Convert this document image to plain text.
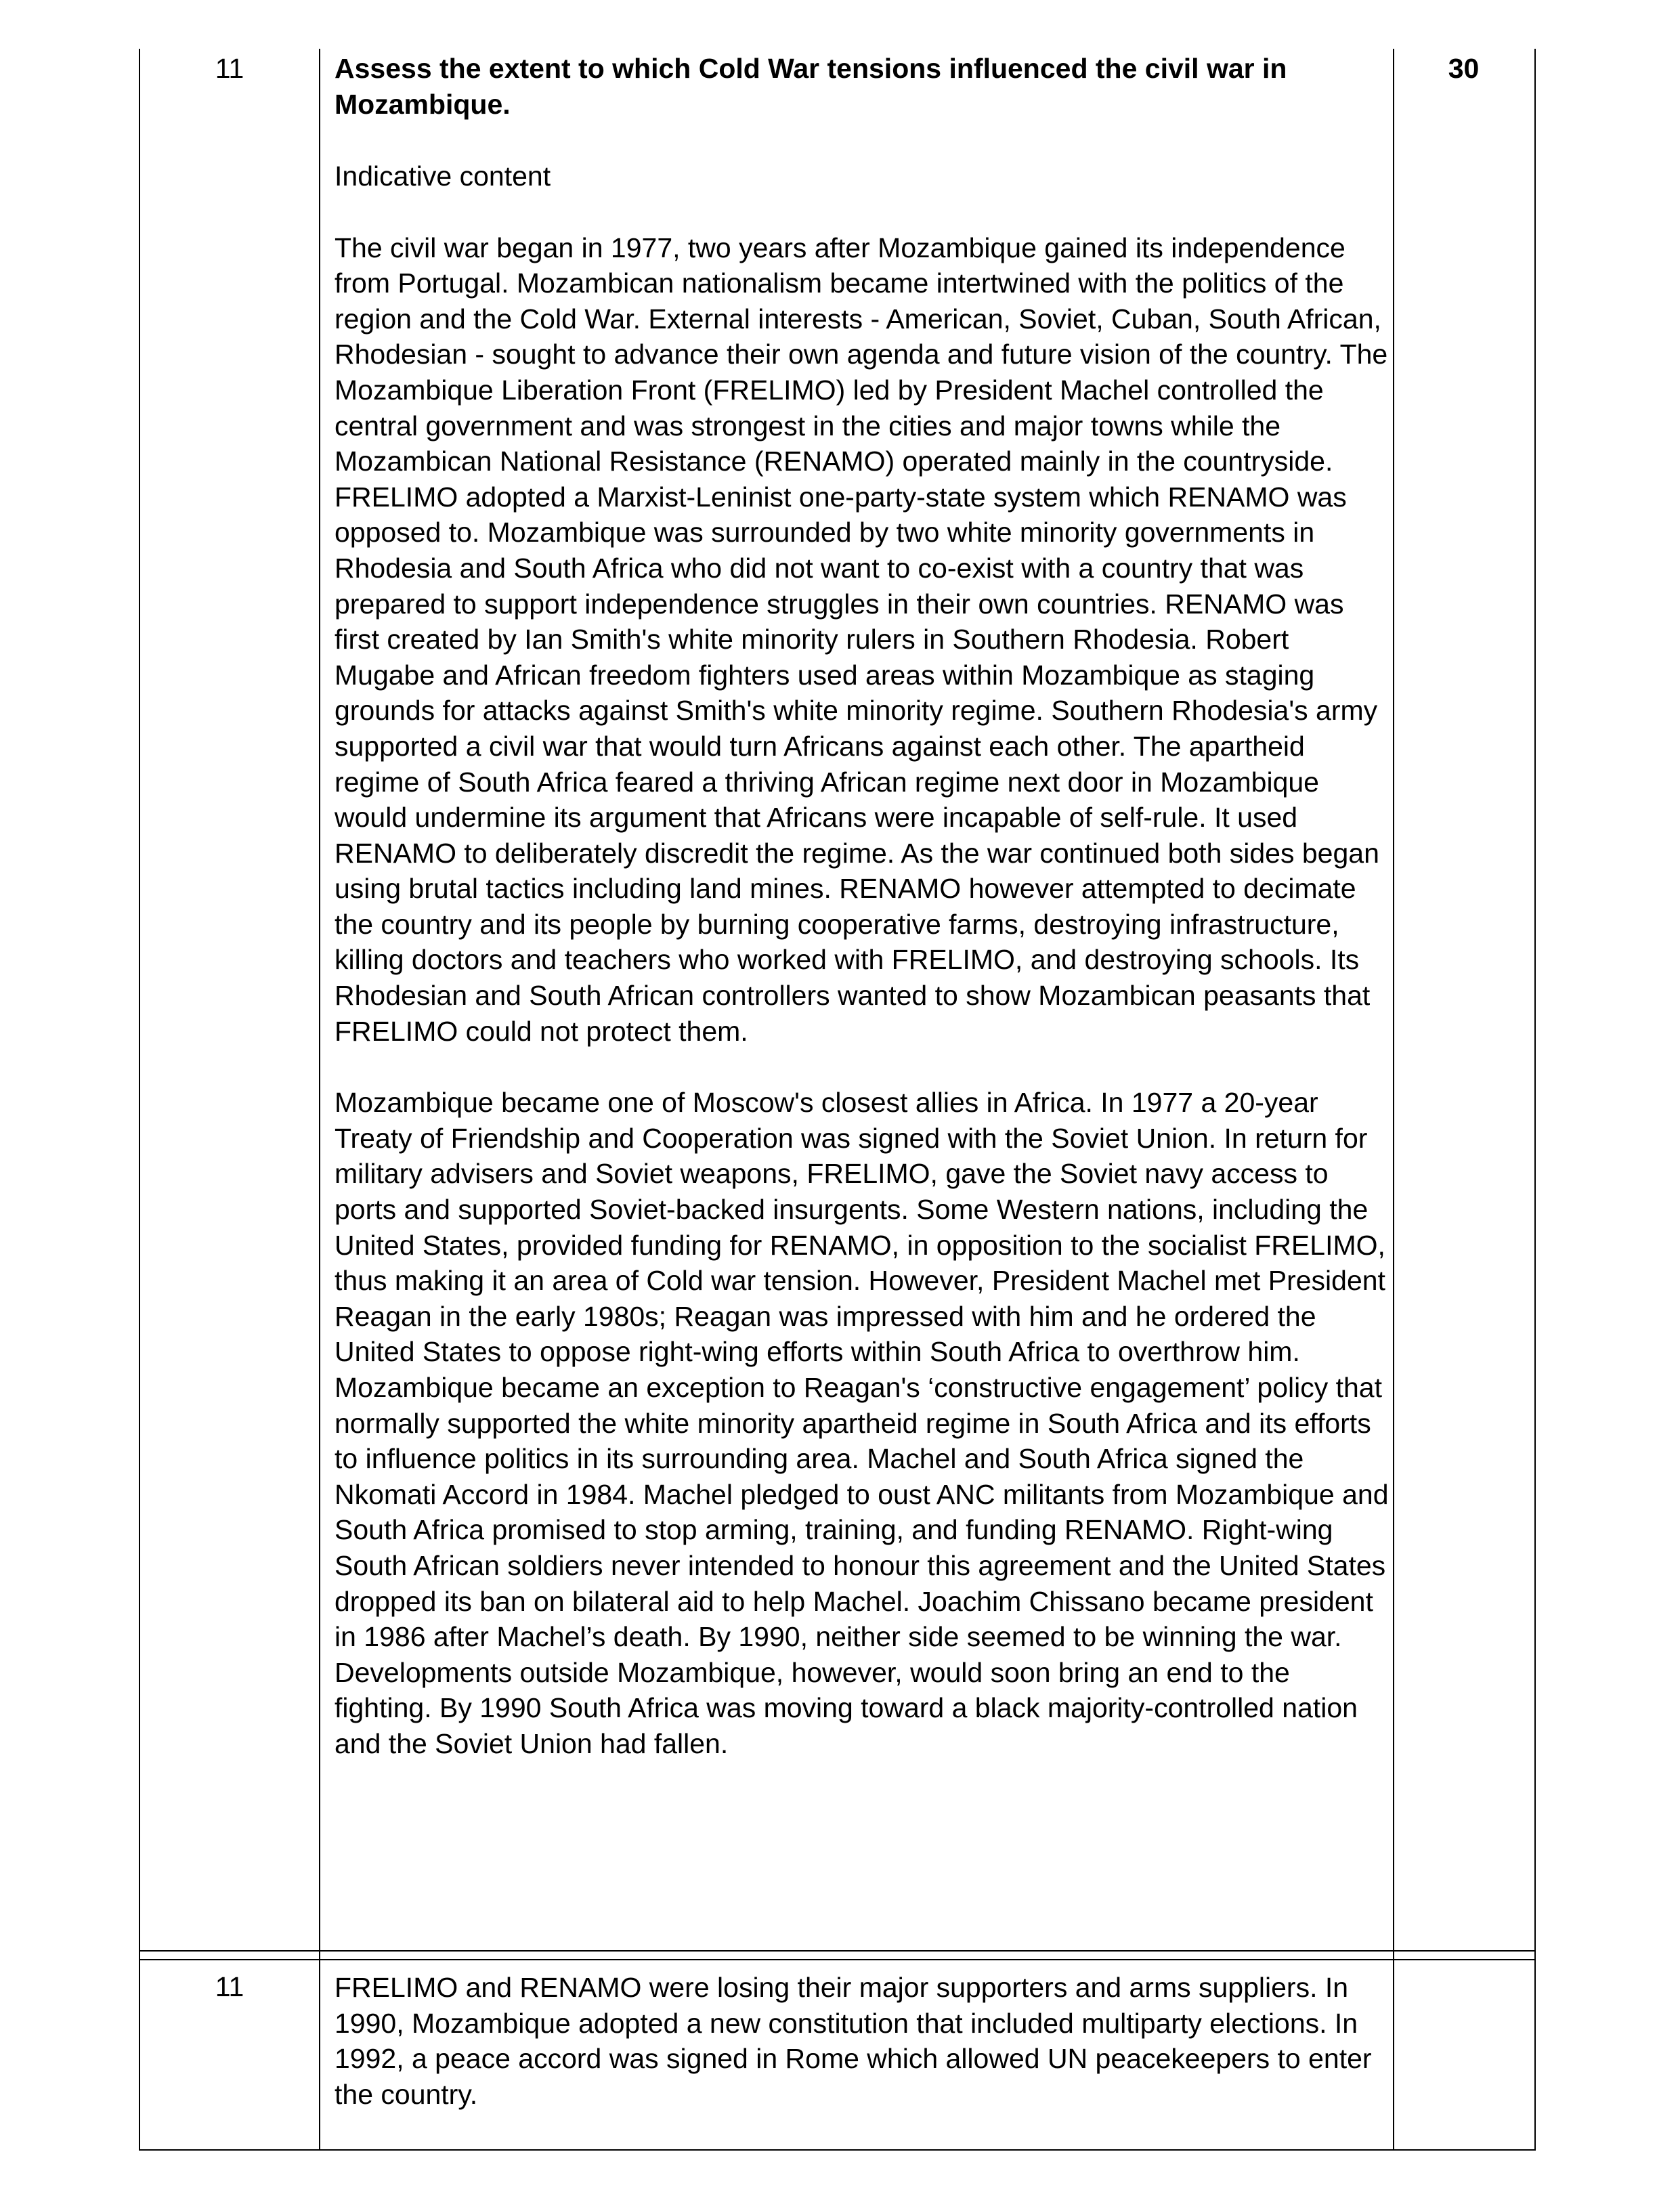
11	Assess the extent to which Cold War tensions influenced the civil war in Mozambique.

Indicative content

The civil war began in 1977, two years after Mozambique gained its independence from Portugal. Mozambican nationalism became intertwined with the politics of the region and the Cold War. External interests - American, Soviet, Cuban, South African, Rhodesian - sought to advance their own agenda and future vision of the country. The Mozambique Liberation Front (FRELIMO) led by President Machel controlled the central government and was strongest in the cities and major towns while the Mozambican National Resistance (RENAMO) operated mainly in the countryside. FRELIMO adopted a Marxist-Leninist one-party-state system which RENAMO was opposed to. Mozambique was surrounded by two white minority governments in Rhodesia and South Africa who did not want to co-exist with a country that was prepared to support independence struggles in their own countries. RENAMO was first created by Ian Smith's white minority rulers in Southern Rhodesia. Robert Mugabe and African freedom fighters used areas within Mozambique as staging grounds for attacks against Smith's white minority regime. Southern Rhodesia's army supported a civil war that would turn Africans against each other. The apartheid regime of South Africa feared a thriving African regime next door in Mozambique would undermine its argument that Africans were incapable of self-rule. It used RENAMO to deliberately discredit the regime. As the war continued both sides began using brutal tactics including land mines. RENAMO however attempted to decimate the country and its people by burning cooperative farms, destroying infrastructure, killing doctors and teachers who worked with FRELIMO, and destroying schools. Its Rhodesian and South African controllers wanted to show Mozambican peasants that FRELIMO could not protect them.

Mozambique became one of Moscow's closest allies in Africa. In 1977 a 20-year Treaty of Friendship and Cooperation was signed with the Soviet Union. In return for military advisers and Soviet weapons, FRELIMO, gave the Soviet navy access to ports and supported Soviet-backed insurgents. Some Western nations, including the United States, provided funding for RENAMO, in opposition to the socialist FRELIMO, thus making it an area of Cold war tension. However, President Machel met President Reagan in the early 1980s; Reagan was impressed with him and he ordered the United States to oppose right-wing efforts within South Africa to overthrow him. Mozambique became an exception to Reagan's ‘constructive engagement’ policy that normally supported the white minority apartheid regime in South Africa and its efforts to influence politics in its surrounding area. Machel and South Africa signed the Nkomati Accord in 1984. Machel pledged to oust ANC militants from Mozambique and South Africa promised to stop arming, training, and funding RENAMO. Right-wing South African soldiers never intended to honour this agreement and the United States dropped its ban on bilateral aid to help Machel. Joachim Chissano became president in 1986 after Machel’s death. By 1990, neither side seemed to be winning the war. Developments outside Mozambique, however, would soon bring an end to the fighting. By 1990 South Africa was moving toward a black majority-controlled nation and the Soviet Union had fallen.

30
11	FRELIMO and RENAMO were losing their major supporters and arms suppliers. In 1990, Mozambique adopted a new constitution that included multiparty elections. In 1992, a peace accord was signed in Rome which allowed UN peacekeepers to enter the country.
